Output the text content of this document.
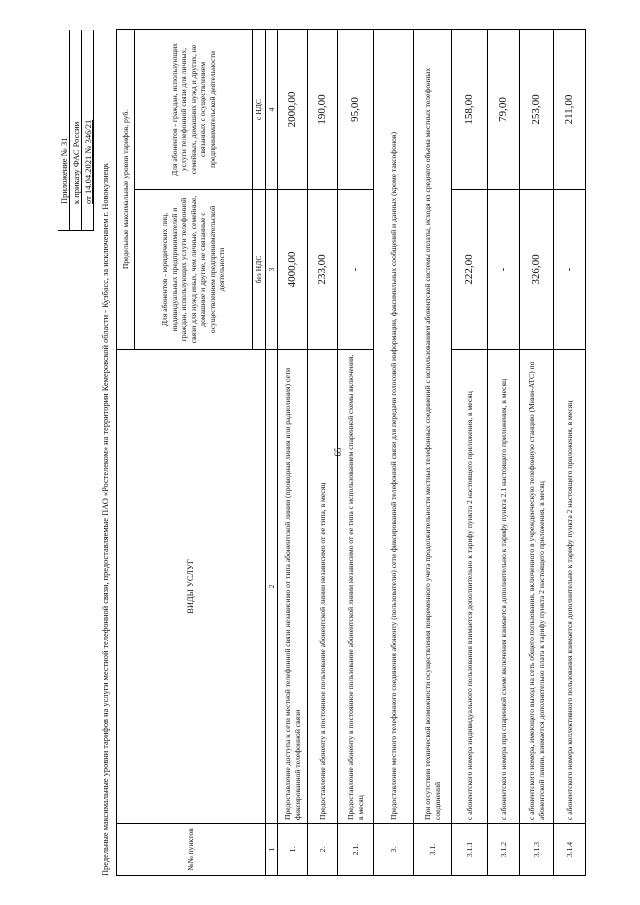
65
Приложение № 31 к приказу ФАС России от 14.04.2021 № 346/21
Предельные максимальные уровни тарифов на услуги местной телефонной связи, предоставляемые ПАО «Ростелеком» на территории Кемеровской области - Кузбасс, за исключением г. Новокузнецк	№№ пунктов	ВИДЫ УСЛУГ	Предельные максимальные уровни тарифов, руб.	
		Для абонентов - юридических лиц, индивидуальных предпринимателей и граждан, использующих услуги телефонной связи для нужд иных, чем личные, семейные, домашние и другие, не связанные с осуществлением предпринимательской деятельности	Для абонентов - граждан, использующих услуги телефонной связи для личных, семейных, домашних нужд и других, не связанных с осуществлением предпринимательской деятельности
		без НДС	с НДС
1	2	3	4
1.	Предоставление доступа к сети местной телефонной связи независимо от типа абонентской линии (проводная линия или радиолиния) сети фиксированной телефонной связи	4000,00	2000,00
2.	Предоставление абоненту в постоянное пользование абонентской линии независимо от ее типа, в месяц	233,00	190,00
2.1.	Предоставление абоненту в постоянное пользование абонентской линии независимо от ее типа с использованием спаренной схемы включения, в месяц	-	95,00
3.	Предоставление местного телефонного соединения абоненту (пользователю) сети фиксированной телефонной связи для передачи голосовой информации, факсимильных сообщений и данных (кроме таксофонов)		
3.1.	При отсутствии технической возможности осуществления повременного учета продолжительности местных телефонных соединений с использованием абонентской системы оплаты, исходя из среднего объема местных телефонных соединений		
3.1.1	с абонентского номера индивидуального пользования взимается дополнительно к тарифу пункта 2 настоящего приложения, в месяц	222,00	158,00
3.1.2	с абонентского номера при спаренной схеме включения взимается дополнительно к тарифу пункта 2.1 настоящего приложения, в месяц	-	79,00
3.1.3	с абонентского номера, имеющего выход на сеть общего пользования, включенного в учрежденческую телефонную станцию (Мини-АТС) по абонентской линии, взимается дополнительно плата к тарифу пункта 2 настоящего приложения, в месяц	326,00	253,00
3.1.4	с абонентского номера коллективного пользования взимается дополнительно к тарифу пункта 2 настоящего приложения, в месяц	-	211,00
